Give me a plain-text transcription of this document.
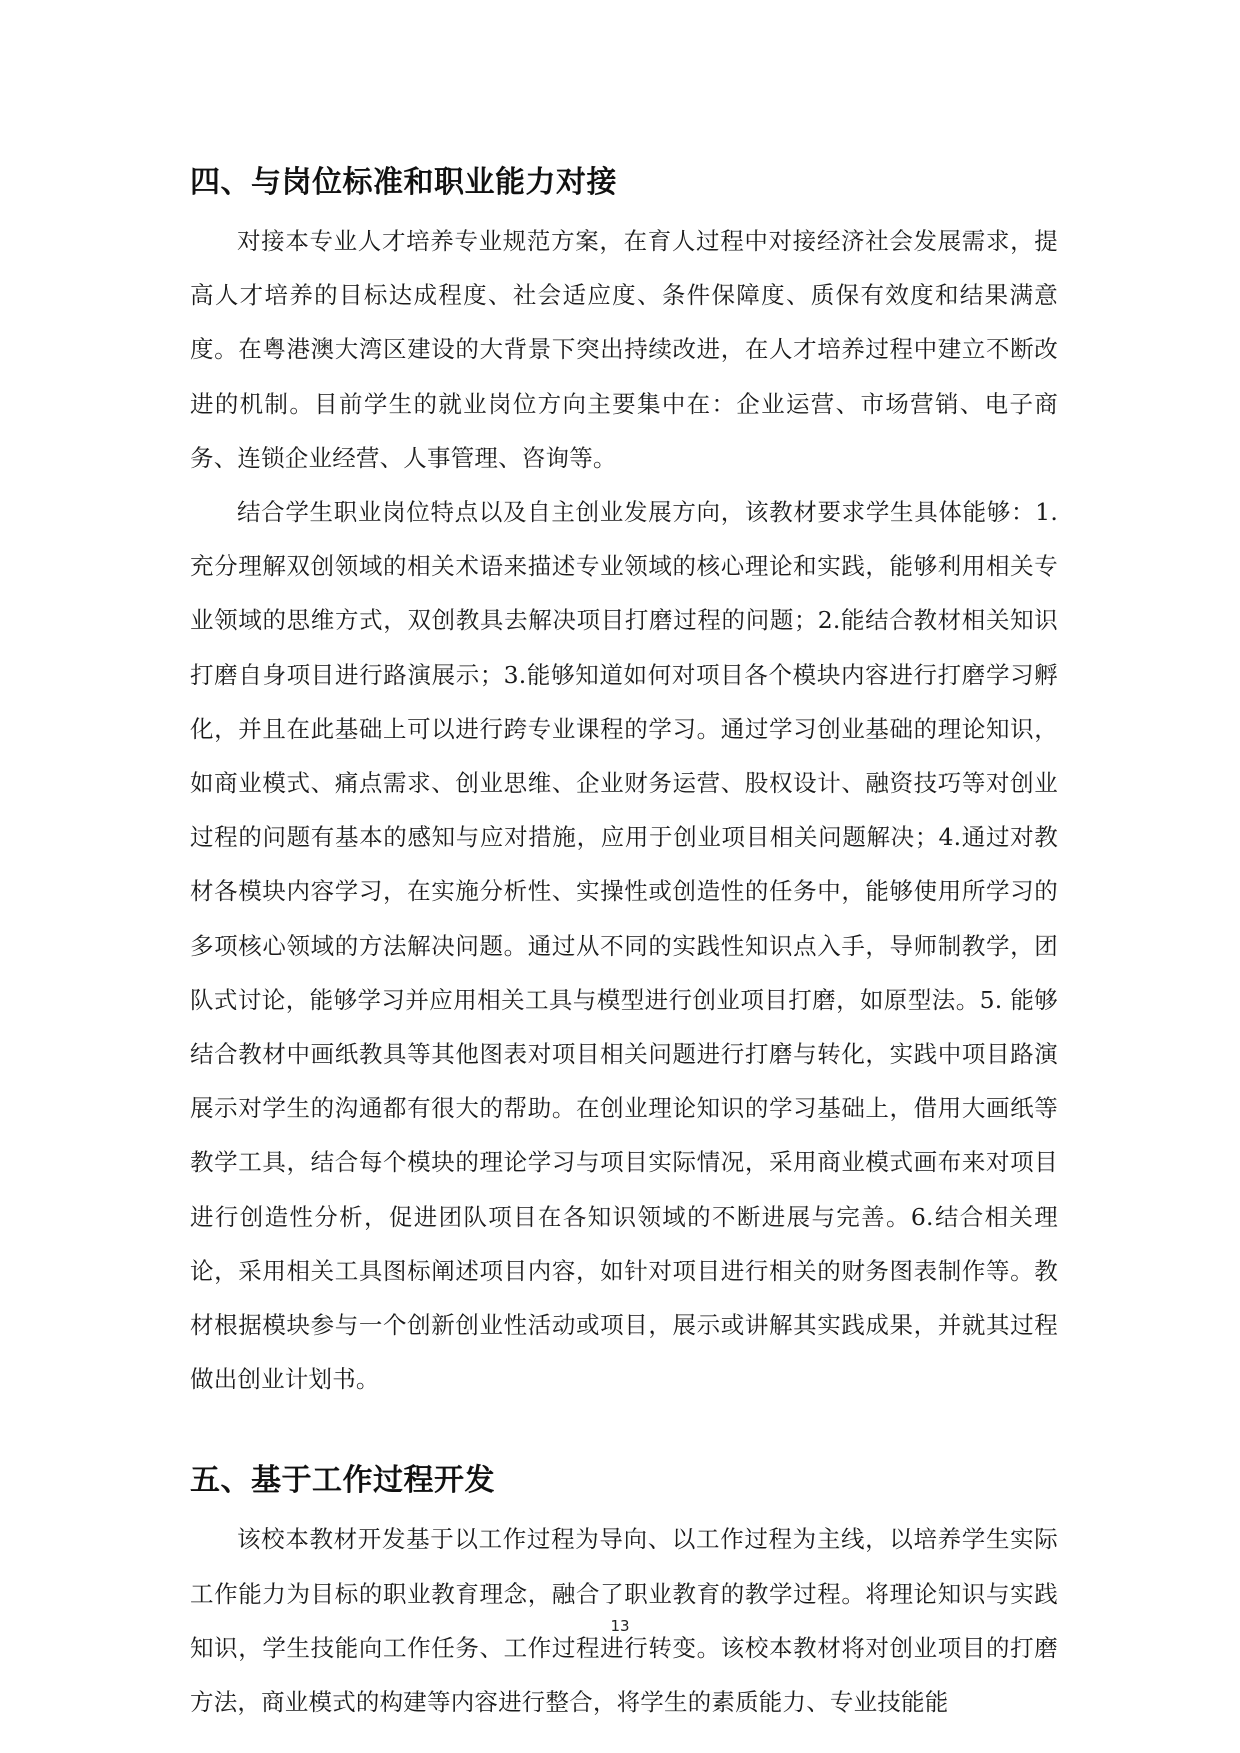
四、与岗位标准和职业能力对接

对接本专业人才培养专业规范方案，在育人过程中对接经济社会发展需求，提高人才培养的目标达成程度、社会适应度、条件保障度、质保有效度和结果满意度。在粤港澳大湾区建设的大背景下突出持续改进，在人才培养过程中建立不断改进的机制。目前学生的就业岗位方向主要集中在：企业运营、市场营销、电子商务、连锁企业经营、人事管理、咨询等。

结合学生职业岗位特点以及自主创业发展方向，该教材要求学生具体能够：1.充分理解双创领域的相关术语来描述专业领域的核心理论和实践，能够利用相关专业领域的思维方式，双创教具去解决项目打磨过程的问题；2.能结合教材相关知识打磨自身项目进行路演展示；3.能够知道如何对项目各个模块内容进行打磨学习孵化，并且在此基础上可以进行跨专业课程的学习。通过学习创业基础的理论知识，如商业模式、痛点需求、创业思维、企业财务运营、股权设计、融资技巧等对创业过程的问题有基本的感知与应对措施，应用于创业项目相关问题解决；4.通过对教材各模块内容学习，在实施分析性、实操性或创造性的任务中，能够使用所学习的多项核心领域的方法解决问题。通过从不同的实践性知识点入手，导师制教学，团队式讨论，能够学习并应用相关工具与模型进行创业项目打磨，如原型法。5. 能够结合教材中画纸教具等其他图表对项目相关问题进行打磨与转化，实践中项目路演展示对学生的沟通都有很大的帮助。在创业理论知识的学习基础上，借用大画纸等教学工具，结合每个模块的理论学习与项目实际情况，采用商业模式画布来对项目进行创造性分析，促进团队项目在各知识领域的不断进展与完善。6.结合相关理论，采用相关工具图标阐述项目内容，如针对项目进行相关的财务图表制作等。教材根据模块参与一个创新创业性活动或项目，展示或讲解其实践成果，并就其过程做出创业计划书。

五、基于工作过程开发

该校本教材开发基于以工作过程为导向、以工作过程为主线，以培养学生实际工作能力为目标的职业教育理念，融合了职业教育的教学过程。将理论知识与实践知识，学生技能向工作任务、工作过程进行转变。该校本教材将对创业项目的打磨方法，商业模式的构建等内容进行整合，将学生的素质能力、专业技能能

13
